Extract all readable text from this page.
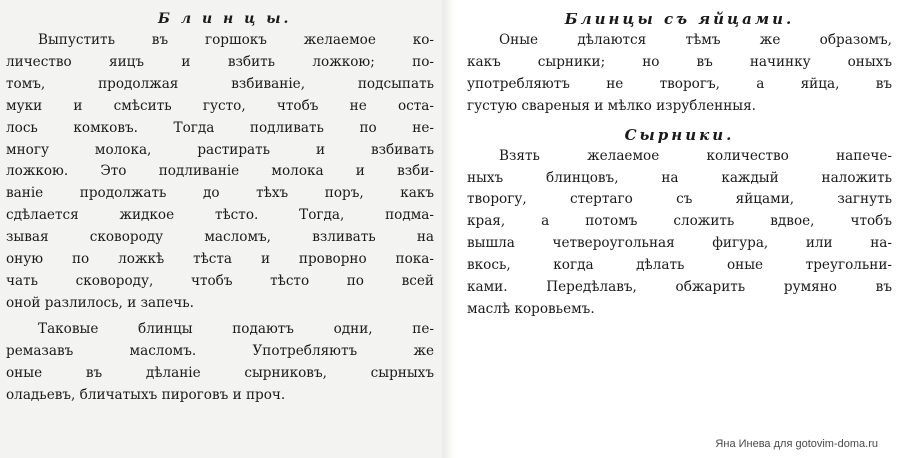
Б л и н ц ы.
Выпустить въ горшокъ желаемое ко-
личество яицъ и взбить ложкою; по-
томъ, продолжая взбиваніе, подсыпать
муки и смѣсить густо, чтобъ не оста-
лось комковъ. Тогда подливать по не-
многу молока, растирать и взбивать
ложкою. Это подливаніе молока и взби-
ваніе продолжать до тѣхъ поръ, какъ
сдѣлается жидкое тѣсто. Тогда, подма-
зывая сковороду масломъ, взливать на
оную по ложкѣ тѣста и проворно пока-
чать сковороду, чтобъ тѣсто по всей
оной разлилось, и запечь.
Таковые блинцы подаютъ одни, пе-
ремазавъ масломъ. Употребляютъ же
оные въ дѣланіе сырниковъ, сырныхъ
оладьевъ, бличатыхъ пироговъ и проч.
Блинцы съ яйцами.
Оные дѣлаются тѣмъ же образомъ,
какъ сырники; но въ начинку оныхъ
употребляютъ не творогъ, а яйца, въ
густую свареныя и мѣлко изрубленныя.
Сырники.
Взять желаемое количество напече-
ныхъ блинцовъ, на каждый наложить
творогу, стертаго съ яйцами, загнуть
края, а потомъ сложить вдвое, чтобъ
вышла четвероугольная фигура, или на-
вкось, когда дѣлать оные треугольни-
ками. Передѣлавъ, обжарить румяно въ
маслѣ коровьемъ.
Яна Инева для gotovim-doma.ru
